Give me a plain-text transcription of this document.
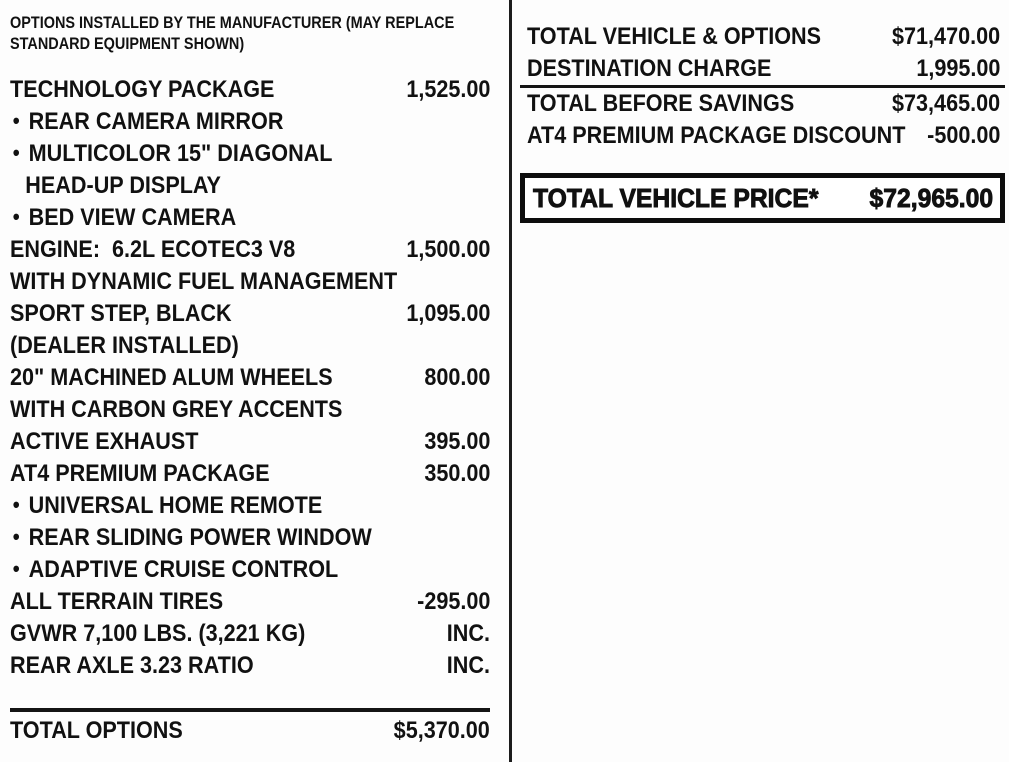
OPTIONS INSTALLED BY THE MANUFACTURER (MAY REPLACE
STANDARD EQUIPMENT SHOWN)
TECHNOLOGY PACKAGE	1,525.00
• REAR CAMERA MIRROR
• MULTICOLOR 15" DIAGONAL
HEAD-UP DISPLAY
• BED VIEW CAMERA
ENGINE:  6.2L ECOTEC3 V8	1,500.00
WITH DYNAMIC FUEL MANAGEMENT
SPORT STEP, BLACK	1,095.00
(DEALER INSTALLED)
20" MACHINED ALUM WHEELS	800.00
WITH CARBON GREY ACCENTS
ACTIVE EXHAUST	395.00
AT4 PREMIUM PACKAGE	350.00
• UNIVERSAL HOME REMOTE
• REAR SLIDING POWER WINDOW
• ADAPTIVE CRUISE CONTROL
ALL TERRAIN TIRES	-295.00
GVWR 7,100 LBS. (3,221 KG)	INC.
REAR AXLE 3.23 RATIO	INC.
TOTAL OPTIONS	$5,370.00
TOTAL VEHICLE & OPTIONS	$71,470.00
DESTINATION CHARGE	1,995.00
TOTAL BEFORE SAVINGS	$73,465.00
AT4 PREMIUM PACKAGE DISCOUNT -500.00
TOTAL VEHICLE PRICE* $72,965.00
